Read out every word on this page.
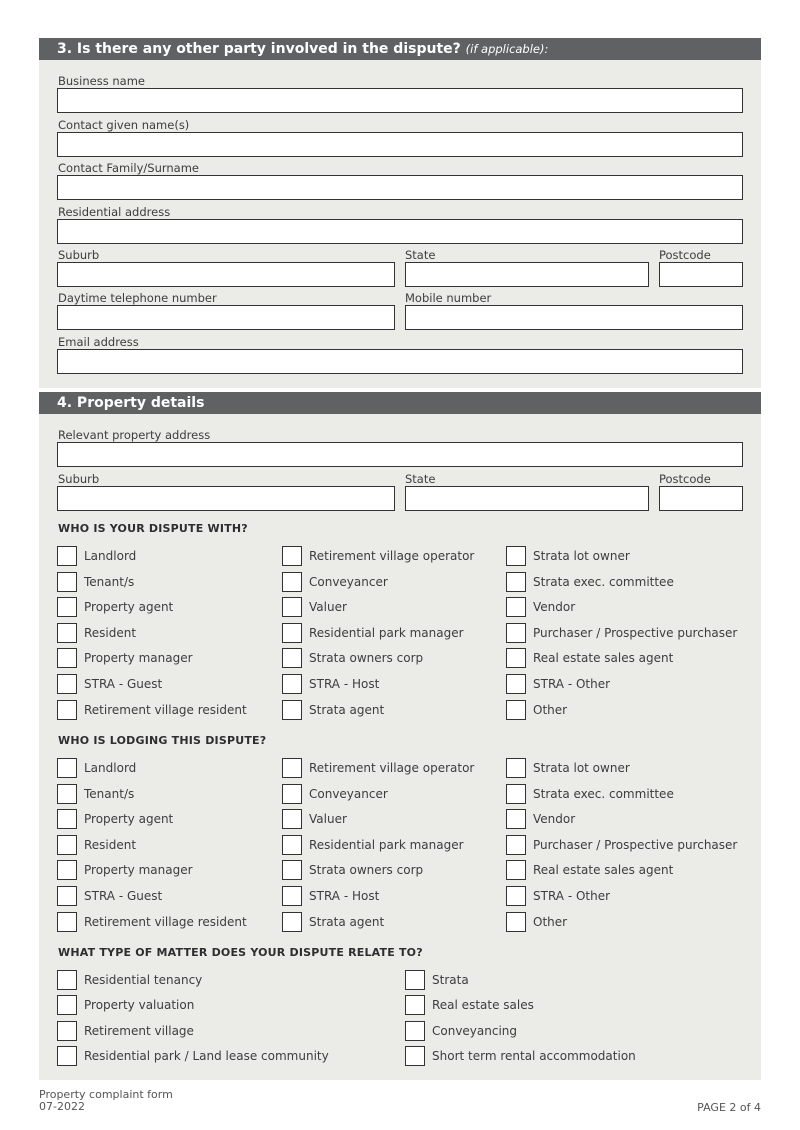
3. Is there any other party involved in the dispute? (if applicable):
Business name
Contact given name(s)
Contact Family/Surname
Residential address
Suburb	State	Postcode
Daytime telephone number	Mobile number
Email address
4. Property details
Relevant property address
Suburb	State	Postcode
WHO IS YOUR DISPUTE WITH?
Landlord	Retirement village operator	Strata lot owner
Tenant/s	Conveyancer	Strata exec. committee
Property agent	Valuer	Vendor
Resident	Residential park manager	Purchaser / Prospective purchaser
Property manager	Strata owners corp	Real estate sales agent
STRA - Guest	STRA - Host	STRA - Other
Retirement village resident	Strata agent	Other
WHO IS LODGING THIS DISPUTE?
Landlord	Retirement village operator	Strata lot owner
Tenant/s	Conveyancer	Strata exec. committee
Property agent	Valuer	Vendor
Resident	Residential park manager	Purchaser / Prospective purchaser
Property manager	Strata owners corp	Real estate sales agent
STRA - Guest	STRA - Host	STRA - Other
Retirement village resident	Strata agent	Other
WHAT TYPE OF MATTER DOES YOUR DISPUTE RELATE TO?
Residential tenancy	Strata
Property valuation	Real estate sales
Retirement village	Conveyancing
Residential park / Land lease community	Short term rental accommodation
Property complaint form
07-2022	PAGE 2 of 4
